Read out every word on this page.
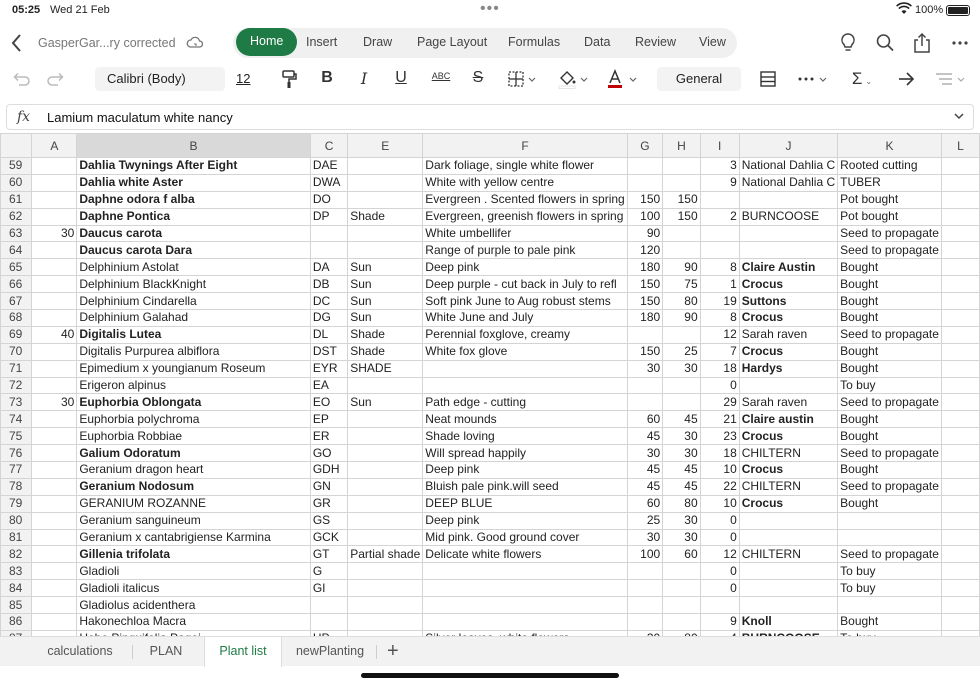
05:25 Wed 21 Feb	•••	100%
GasperGar...ry corrected	Home	Insert Draw Page Layout Formulas Data Review View
Calibri (Body)	12	B I U	ABC S	General	Σ ⌄
fx Lamium maculatum white nancy
	A	B	C	E	F	G	H	I	J	K	L
59		Dahlia Twynings After Eight	DAE		Dark foliage, single white flower			3	National Dahlia C	Rooted cutting	
60		Dahlia white Aster	DWA		White with yellow centre			9	National Dahlia C	TUBER	
61		Daphne odora f alba	DO		Evergreen . Scented flowers in spring	150	150			Pot bought	
62		Daphne Pontica	DP	Shade	Evergreen, greenish flowers in spring	100	150	2	BURNCOOSE	Pot bought	
63	30	Daucus carota			White umbellifer	90				Seed to propagate	
64		Daucus carota Dara			Range of purple to pale pink	120				Seed to propagate	
65		Delphinium Astolat	DA	Sun	Deep pink	180	90	8	Claire Austin	Bought	
66		Delphinium BlackKnight	DB	Sun	Deep purple - cut back in July to refl	150	75	1	Crocus	Bought	
67		Delphinium Cindarella	DC	Sun	Soft pink June to Aug robust stems	150	80	19	Suttons	Bought	
68		Delphinium Galahad	DG	Sun	White June and July	180	90	8	Crocus	Bought	
69	40	Digitalis Lutea	DL	Shade	Perennial foxglove, creamy			12	Sarah raven	Seed to propagate	
70		Digitalis Purpurea albiflora	DST	Shade	White fox glove	150	25	7	Crocus	Bought	
71		Epimedium x youngianum Roseum	EYR	SHADE		30	30	18	Hardys	Bought	
72		Erigeron alpinus	EA					0		To buy	
73	30	Euphorbia Oblongata	EO	Sun	Path edge - cutting			29	Sarah raven	Seed to propagate	
74		Euphorbia polychroma	EP		Neat mounds	60	45	21	Claire austin	Bought	
75		Euphorbia Robbiae	ER		Shade loving	45	30	23	Crocus	Bought	
76		Galium Odoratum	GO		Will spread happily	30	30	18	CHILTERN	Seed to propagate	
77		Geranium dragon heart	GDH		Deep pink	45	45	10	Crocus	Bought	
78		Geranium Nodosum	GN		Bluish pale pink.will seed	45	45	22	CHILTERN	Seed to propagate	
79		GERANIUM ROZANNE	GR		DEEP BLUE	60	80	10	Crocus	Bought	
80		Geranium sanguineum	GS		Deep pink	25	30	0			
81		Geranium x cantabrigiense Karmina	GCK		Mid pink. Good ground cover	30	30	0			
82		Gillenia trifolata	GT	Partial shade	Delicate white flowers	100	60	12	CHILTERN	Seed to propagate	
83		Gladioli	G					0		To buy	
84		Gladioli italicus	GI					0		To buy	
85		Gladiolus acidenthera									
86		Hakonechloa Macra						9	Knoll	Bought	

calculations	PLAN	Plant list	newPlanting	+
